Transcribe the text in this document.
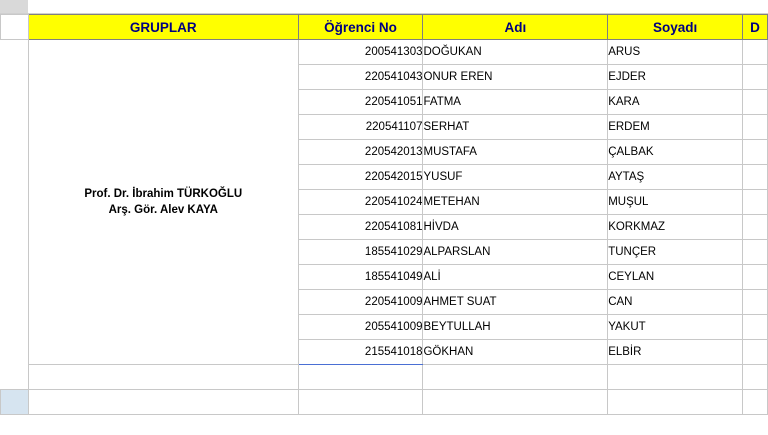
	GRUPLAR	Öğrenci No	Adı	Soyadı	D

	Prof. Dr. İbrahim TÜRKOĞLU
Arş. Gör. Alev KAYA	200541303	DOĞUKAN	ARUS	
		220541043	ONUR EREN	EJDER	
		220541051	FATMA	KARA	
		220541107	SERHAT	ERDEM	
		220542013	MUSTAFA	ÇALBAK	
		220542015	YUSUF	AYTAŞ	
		220541024	METEHAN	MUŞUL	
		220541081	HİVDA	KORKMAZ	
		185541029	ALPARSLAN	TUNÇER	
		185541049	ALİ	CEYLAN	
		220541009	AHMET SUAT	CAN	
		205541009	BEYTULLAH	YAKUT	
		215541018	GÖKHAN	ELBİR	
